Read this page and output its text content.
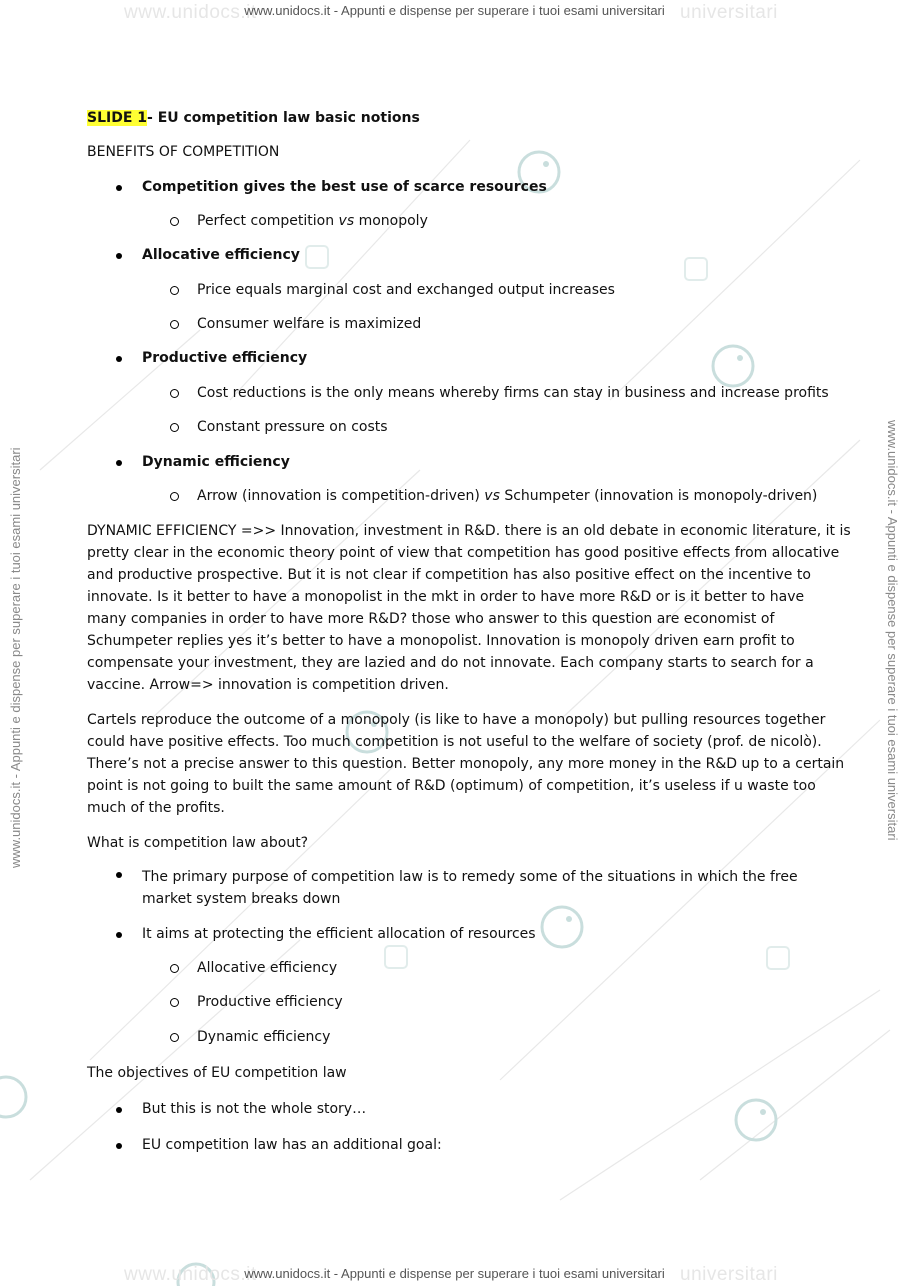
www.unidocs.it	universitari
www.unidocs.it	universitari
www.unidocs.it - Appunti e dispense per superare i tuoi esami universitari
www.unidocs.it - Appunti e dispense per superare i tuoi esami universitari
www.unidocs.it - Appunti e dispense per superare i tuoi esami universitari	www.unidocs.it - Appunti e dispense per superare i tuoi esami universitari
SLIDE 1- EU competition law basic notions
BENEFITS OF COMPETITION
Competition gives the best use of scarce resources
Perfect competition vs monopoly
Allocative efficiency
Price equals marginal cost and exchanged output increases
Consumer welfare is maximized
Productive efficiency
Cost reductions is the only means whereby firms can stay in business and increase profits
Constant pressure on costs
Dynamic efficiency
Arrow (innovation is competition-driven) vs Schumpeter (innovation is monopoly-driven)
DYNAMIC EFFICIENCY =>> Innovation, investment in R&D. there is an old debate in economic literature, it is
pretty clear in the economic theory point of view that competition has good positive effects from allocative
and productive prospective. But it is not clear if competition has also positive effect on the incentive to
innovate. Is it better to have a monopolist in the mkt in order to have more R&D or is it better to have
many companies in order to have more R&D? those who answer to this question are economist of
Schumpeter replies yes it’s better to have a monopolist. Innovation is monopoly driven earn profit to
compensate your investment, they are lazied and do not innovate. Each company starts to search for a
vaccine. Arrow=> innovation is competition driven.
Cartels reproduce the outcome of a monopoly (is like to have a monopoly) but pulling resources together
could have positive effects. Too much competition is not useful to the welfare of society (prof. de nicolò).
There’s not a precise answer to this question. Better monopoly, any more money in the R&D up to a certain
point is not going to built the same amount of R&D (optimum) of competition, it’s useless if u waste too
much of the profits.
What is competition law about?
The primary purpose of competition law is to remedy some of the situations in which the free
market system breaks down
It aims at protecting the efficient allocation of resources
Allocative efficiency
Productive efficiency
Dynamic efficiency
The objectives of EU competition law
But this is not the whole story…
EU competition law has an additional goal:
